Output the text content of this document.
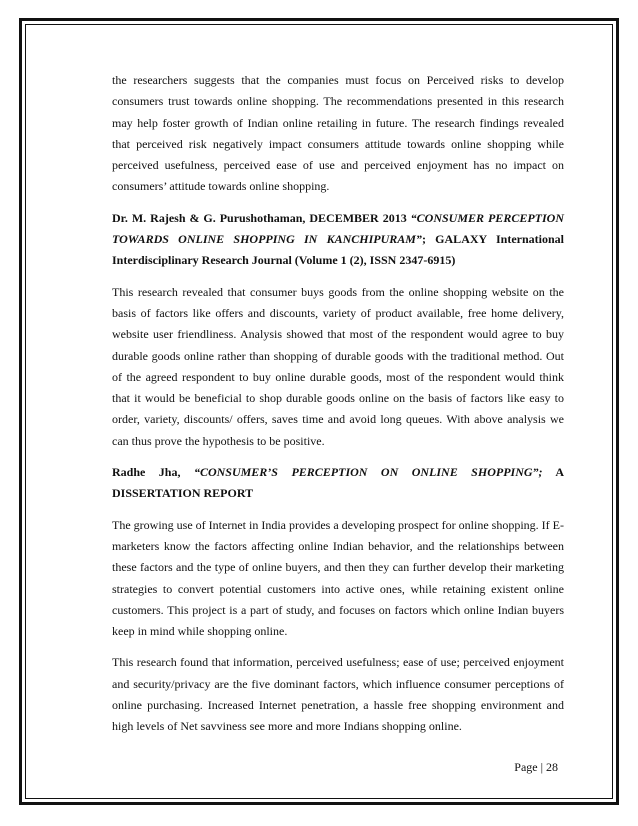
the researchers suggests that the companies must focus on Perceived risks to develop consumers trust towards online shopping. The recommendations presented in this research may help foster growth of Indian online retailing in future. The research findings revealed that perceived risk negatively impact consumers attitude towards online shopping while perceived usefulness, perceived ease of use and perceived enjoyment has no impact on consumers’ attitude towards online shopping.

Dr. M. Rajesh & G. Purushothaman, DECEMBER 2013 “CONSUMER PERCEPTION TOWARDS ONLINE SHOPPING IN KANCHIPURAM”; GALAXY International Interdisciplinary Research Journal (Volume 1 (2), ISSN 2347-6915)

This research revealed that consumer buys goods from the online shopping website on the basis of factors like offers and discounts, variety of product available, free home delivery, website user friendliness. Analysis showed that most of the respondent would agree to buy durable goods online rather than shopping of durable goods with the traditional method. Out of the agreed respondent to buy online durable goods, most of the respondent would think that it would be beneficial to shop durable goods online on the basis of factors like easy to order, variety, discounts/ offers, saves time and avoid long queues. With above analysis we can thus prove the hypothesis to be positive.

Radhe Jha, “CONSUMER’S PERCEPTION ON ONLINE SHOPPING”; A DISSERTATION REPORT

The growing use of Internet in India provides a developing prospect for online shopping. If E-marketers know the factors affecting online Indian behavior, and the relationships between these factors and the type of online buyers, and then they can further develop their marketing strategies to convert potential customers into active ones, while retaining existent online customers. This project is a part of study, and focuses on factors which online Indian buyers keep in mind while shopping online.

This research found that information, perceived usefulness; ease of use; perceived enjoyment and security/privacy are the five dominant factors, which influence consumer perceptions of online purchasing. Increased Internet penetration, a hassle free shopping environment and high levels of Net savviness see more and more Indians shopping online.

Page | 28
